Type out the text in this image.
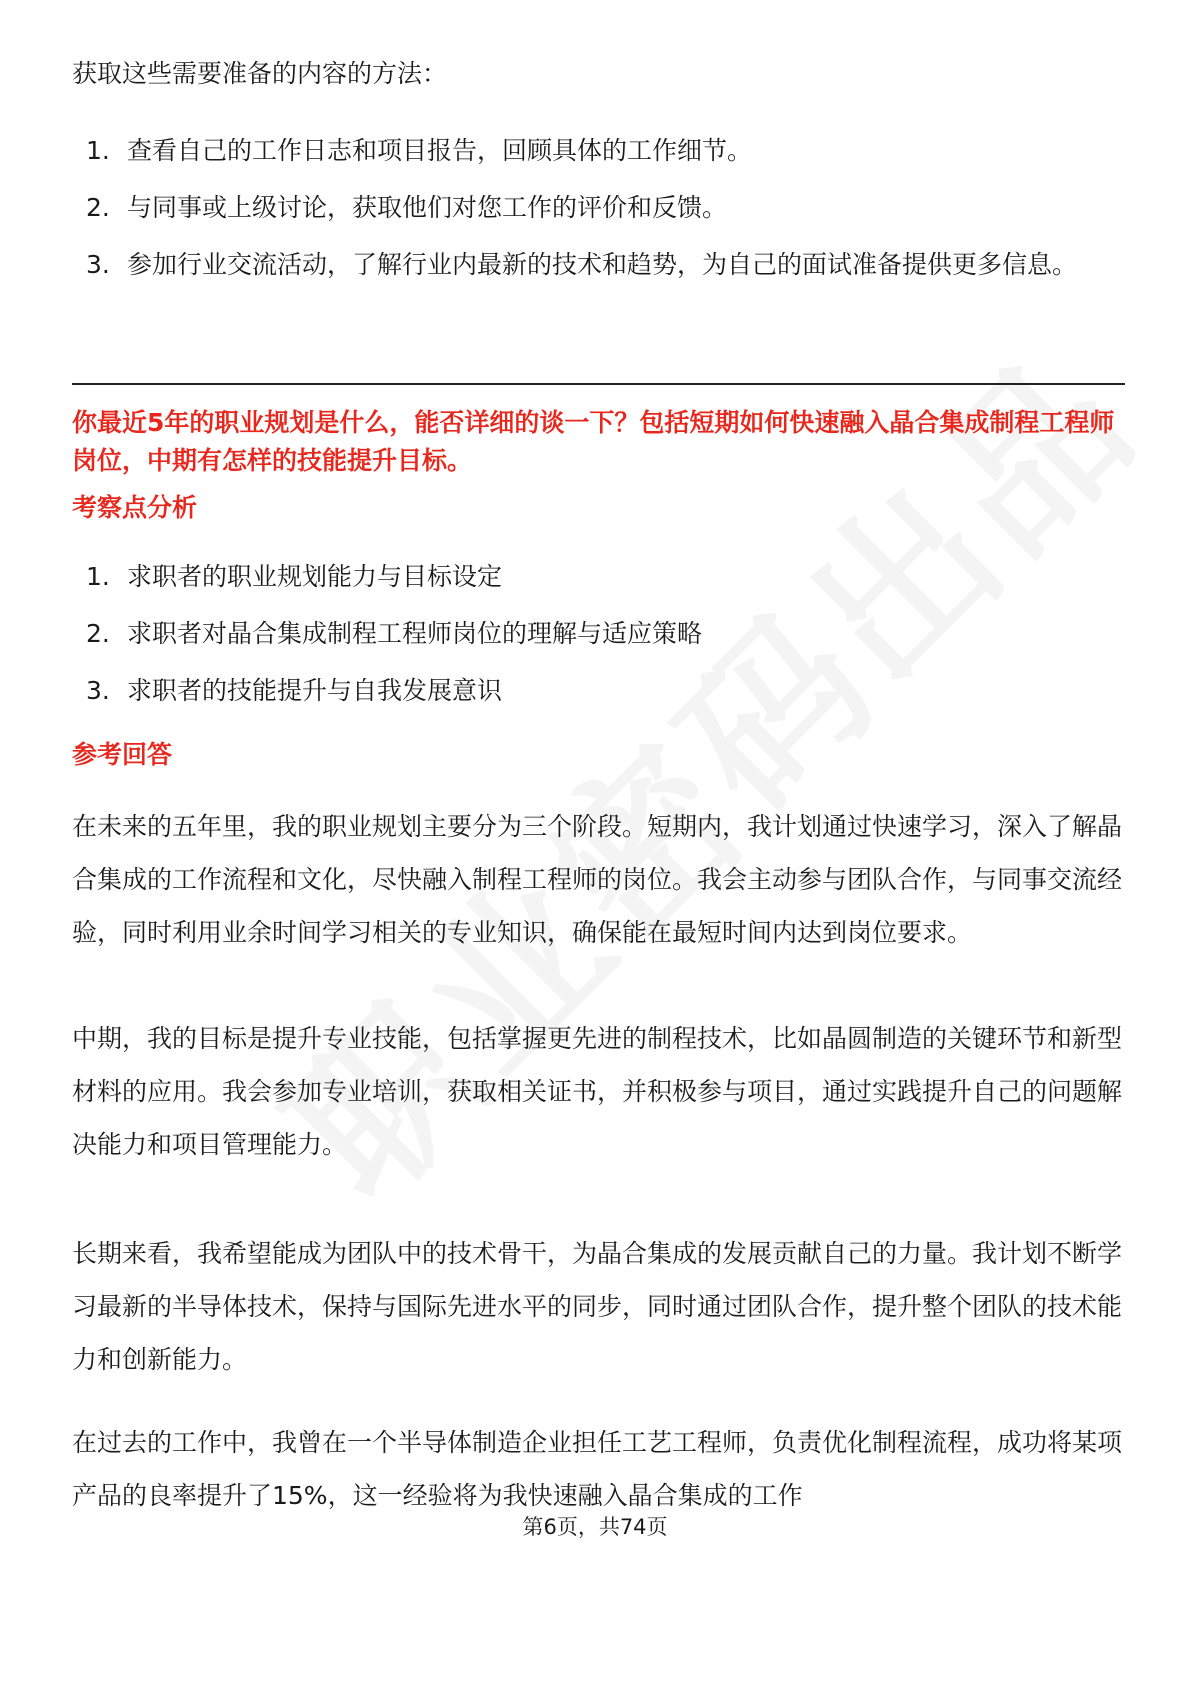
获取这些需要准备的内容的方法：

1. 查看自己的工作日志和项目报告，回顾具体的工作细节。
2. 与同事或上级讨论，获取他们对您工作的评价和反馈。
3. 参加行业交流活动，了解行业内最新的技术和趋势，为自己的面试准备提供更多信息。

你最近5年的职业规划是什么，能否详细的谈一下？包括短期如何快速融入晶合集成制程工程师岗位，中期有怎样的技能提升目标。

考察点分析
1. 求职者的职业规划能力与目标设定
2. 求职者对晶合集成制程工程师岗位的理解与适应策略
3. 求职者的技能提升与自我发展意识
参考回答

在未来的五年里，我的职业规划主要分为三个阶段。短期内，我计划通过快速学习，深入了解晶合集成的工作流程和文化，尽快融入制程工程师的岗位。我会主动参与团队合作，与同事交流经验，同时利用业余时间学习相关的专业知识，确保能在最短时间内达到岗位要求。

中期，我的目标是提升专业技能，包括掌握更先进的制程技术，比如晶圆制造的关键环节和新型材料的应用。我会参加专业培训，获取相关证书，并积极参与项目，通过实践提升自己的问题解决能力和项目管理能力。

长期来看，我希望能成为团队中的技术骨干，为晶合集成的发展贡献自己的力量。我计划不断学习最新的半导体技术，保持与国际先进水平的同步，同时通过团队合作，提升整个团队的技术能力和创新能力。

在过去的工作中，我曾在一个半导体制造企业担任工艺工程师，负责优化制程流程，成功将某项产品的良率提升了15%，这一经验将为我快速融入晶合集成的工作

第6页，共74页
